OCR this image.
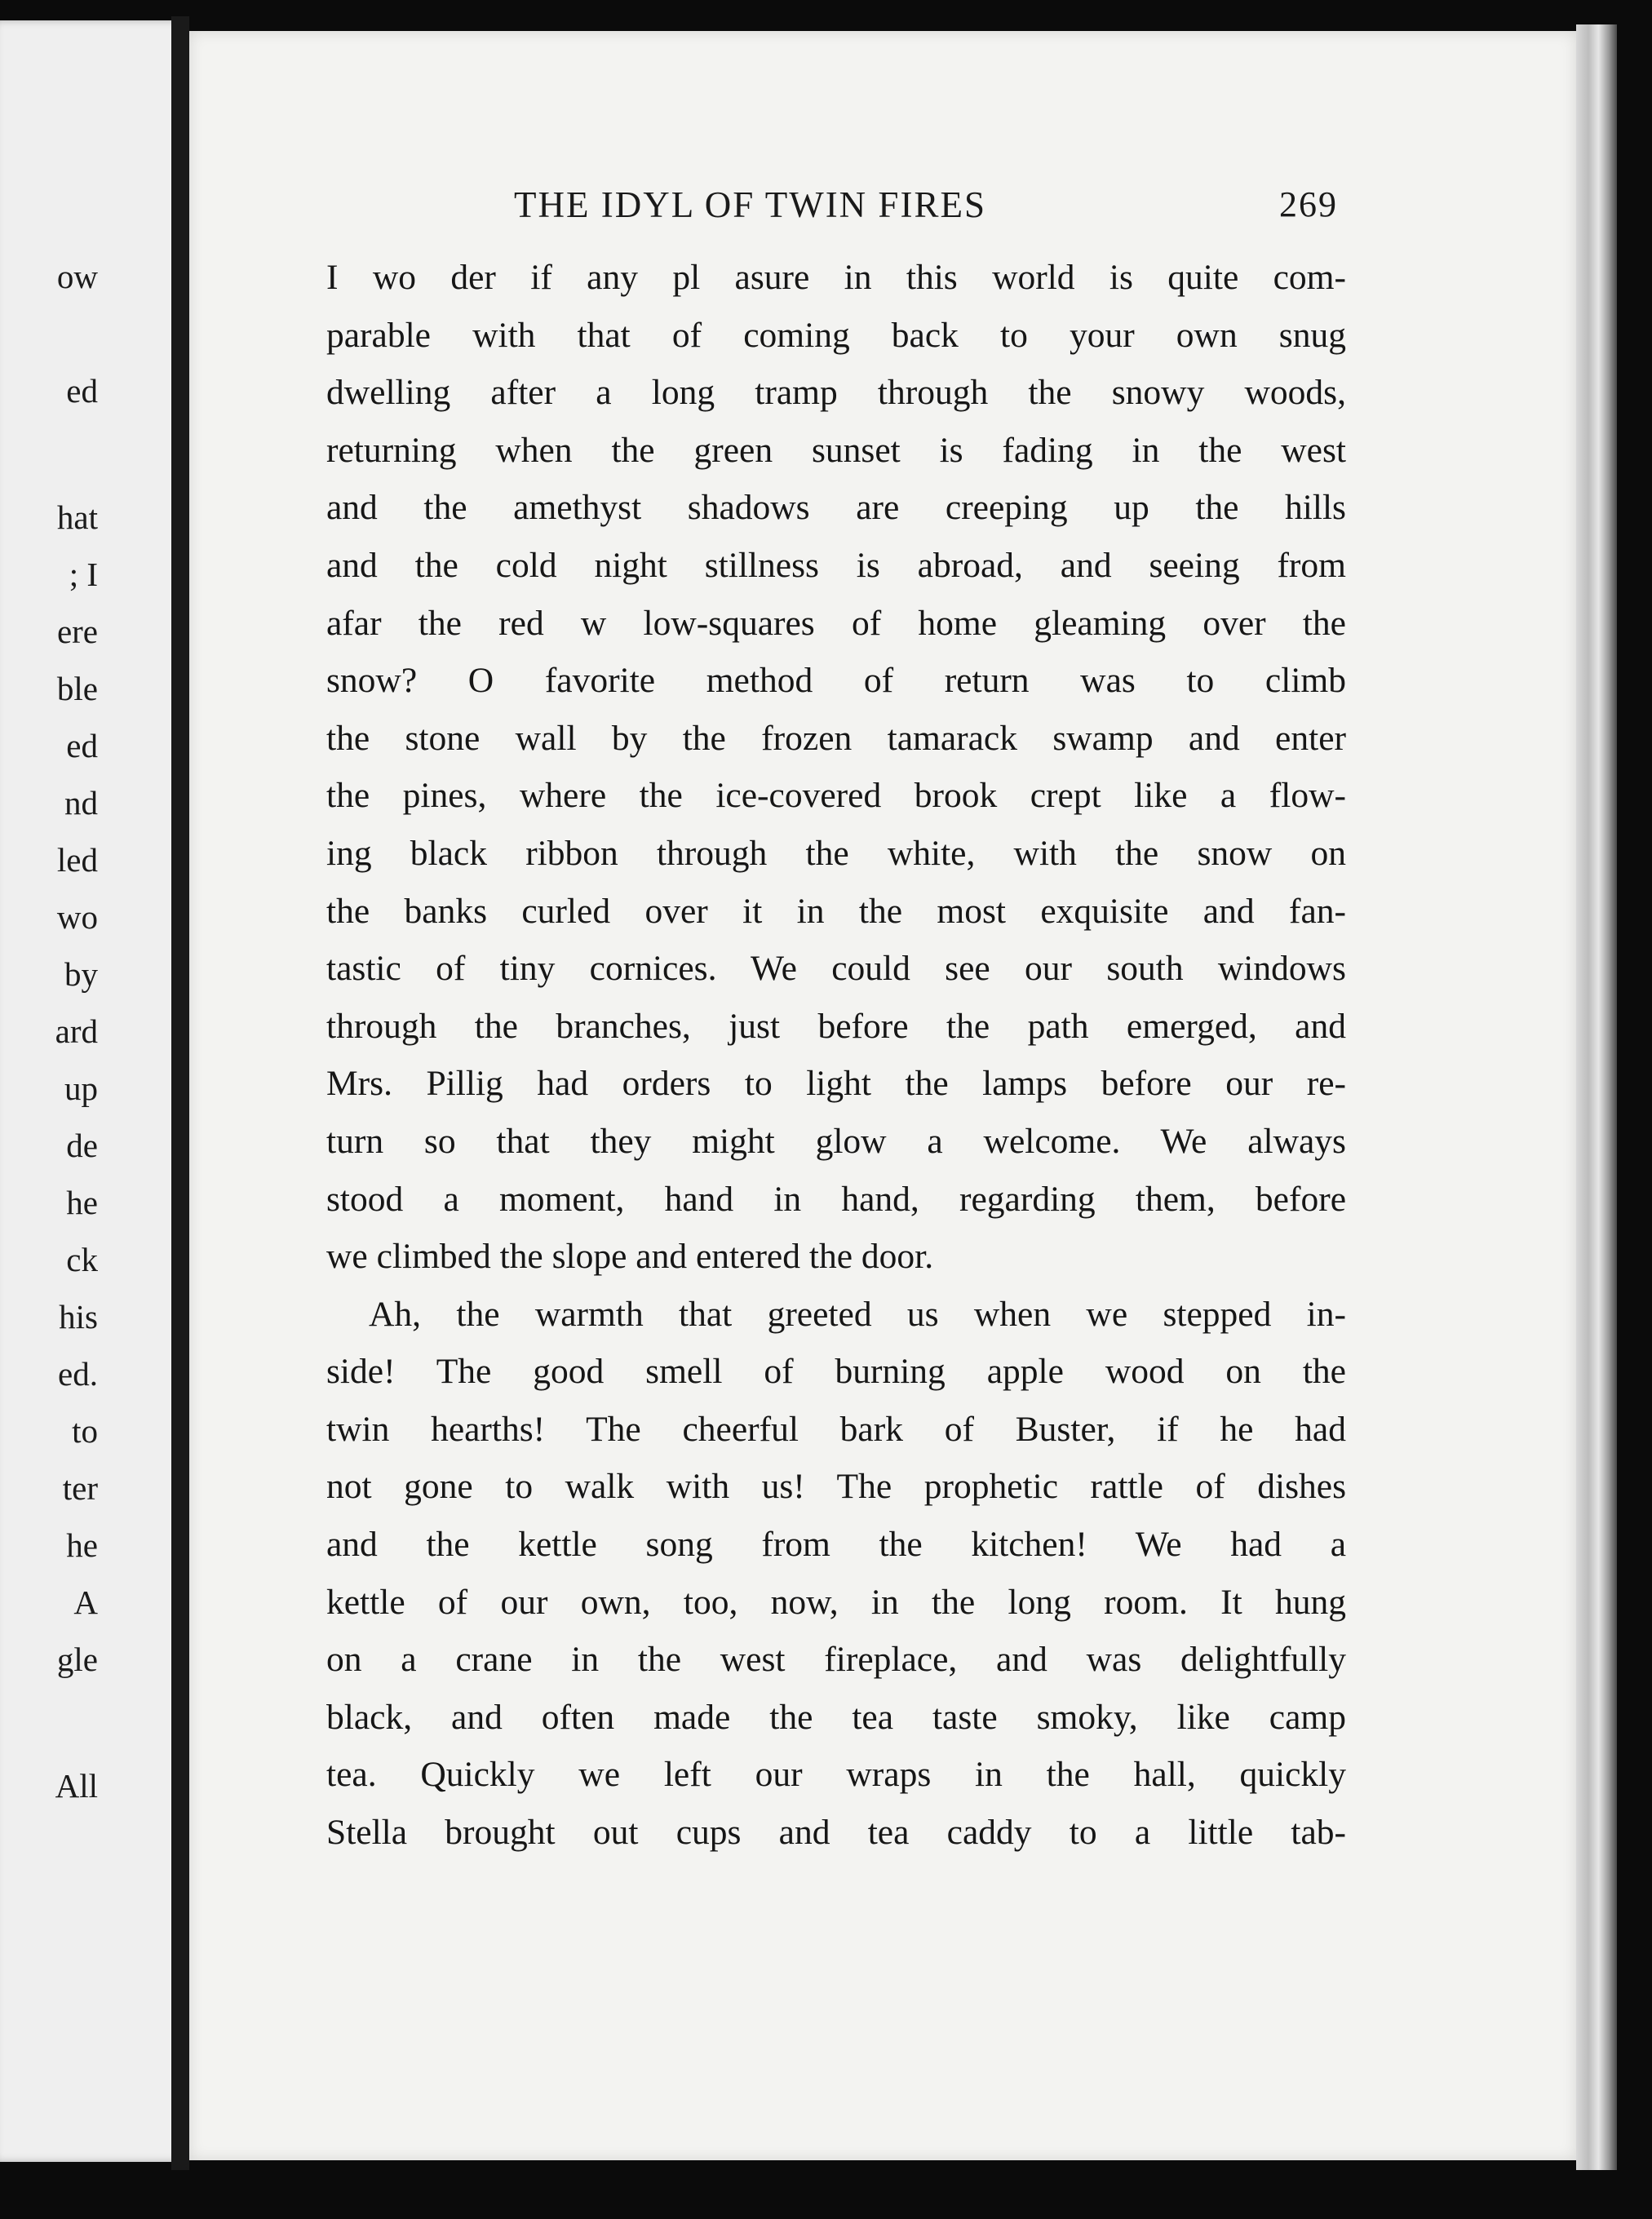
ow
ed
hat
; I
ere
ble
ed
nd
led
wo
by
ard
up
de
he
ck
his
ed.
to
ter
he
A
gle
All
THE IDYL OF TWIN FIRES	269
I wo der if any pl asure in this world is quite com-
parable with that of coming back to your own snug
dwelling after a long tramp through the snowy woods,
returning when the green sunset is fading in the west
and the amethyst shadows are creeping up the hills
and the cold night stillness is abroad, and seeing from
afar the red w low-squares of home gleaming over the
snow? O favorite method of return was to climb
the stone wall by the frozen tamarack swamp and enter
the pines, where the ice-covered brook crept like a flow-
ing black ribbon through the white, with the snow on
the banks curled over it in the most exquisite and fan-
tastic of tiny cornices. We could see our south windows
through the branches, just before the path emerged, and
Mrs. Pillig had orders to light the lamps before our re-
turn so that they might glow a welcome. We always
stood a moment, hand in hand, regarding them, before
we climbed the slope and entered the door.
Ah, the warmth that greeted us when we stepped in-
side! The good smell of burning apple wood on the
twin hearths! The cheerful bark of Buster, if he had
not gone to walk with us! The prophetic rattle of dishes
and the kettle song from the kitchen! We had a
kettle of our own, too, now, in the long room. It hung
on a crane in the west fireplace, and was delightfully
black, and often made the tea taste smoky, like camp
tea. Quickly we left our wraps in the hall, quickly
Stella brought out cups and tea caddy to a little tab-
